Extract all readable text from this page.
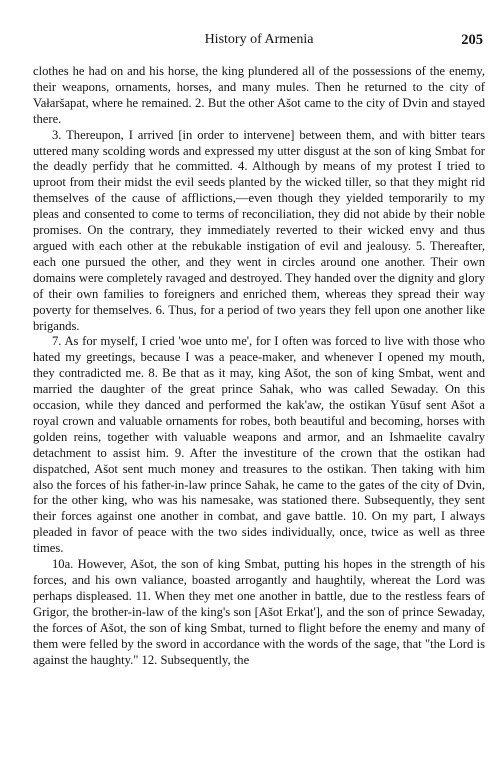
History of Armenia	205

clothes he had on and his horse, the king plundered all of the possessions of the enemy, their weapons, ornaments, horses, and many mules. Then he returned to the city of Vałaršapat, where he remained. 2. But the other Ašot came to the city of Dvin and stayed there.

3. Thereupon, I arrived [in order to intervene] between them, and with bitter tears uttered many scolding words and expressed my utter disgust at the son of king Smbat for the deadly perfidy that he committed. 4. Although by means of my protest I tried to uproot from their midst the evil seeds planted by the wicked tiller, so that they might rid themselves of the cause of afflictions,—even though they yielded temporarily to my pleas and consented to come to terms of reconciliation, they did not abide by their noble promises. On the contrary, they immediately reverted to their wicked envy and thus argued with each other at the rebukable instigation of evil and jealousy. 5. Thereafter, each one pursued the other, and they went in circles around one another. Their own domains were completely ravaged and destroyed. They handed over the dignity and glory of their own families to foreigners and enriched them, whereas they spread their way poverty for themselves. 6. Thus, for a period of two years they fell upon one another like brigands.

7. As for myself, I cried 'woe unto me', for I often was forced to live with those who hated my greetings, because I was a peace-maker, and whenever I opened my mouth, they contradicted me. 8. Be that as it may, king Ašot, the son of king Smbat, went and married the daughter of the great prince Sahak, who was called Sewaday. On this occasion, while they danced and performed the kak'aw, the ostikan Yūsuf sent Ašot a royal crown and valuable ornaments for robes, both beautiful and becoming, horses with golden reins, together with valuable weapons and armor, and an Ishmaelite cavalry detachment to assist him. 9. After the investiture of the crown that the ostikan had dispatched, Ašot sent much money and treasures to the ostikan. Then taking with him also the forces of his father-in-law prince Sahak, he came to the gates of the city of Dvin, for the other king, who was his namesake, was stationed there. Subsequently, they sent their forces against one another in combat, and gave battle. 10. On my part, I always pleaded in favor of peace with the two sides individually, once, twice as well as three times.

10a. However, Ašot, the son of king Smbat, putting his hopes in the strength of his forces, and his own valiance, boasted arrogantly and haughtily, whereat the Lord was perhaps displeased. 11. When they met one another in battle, due to the restless fears of Grigor, the brother-in-law of the king's son [Ašot Erkat'], and the son of prince Sewaday, the forces of Ašot, the son of king Smbat, turned to flight before the enemy and many of them were felled by the sword in accordance with the words of the sage, that "the Lord is against the haughty." 12. Subsequently, the
